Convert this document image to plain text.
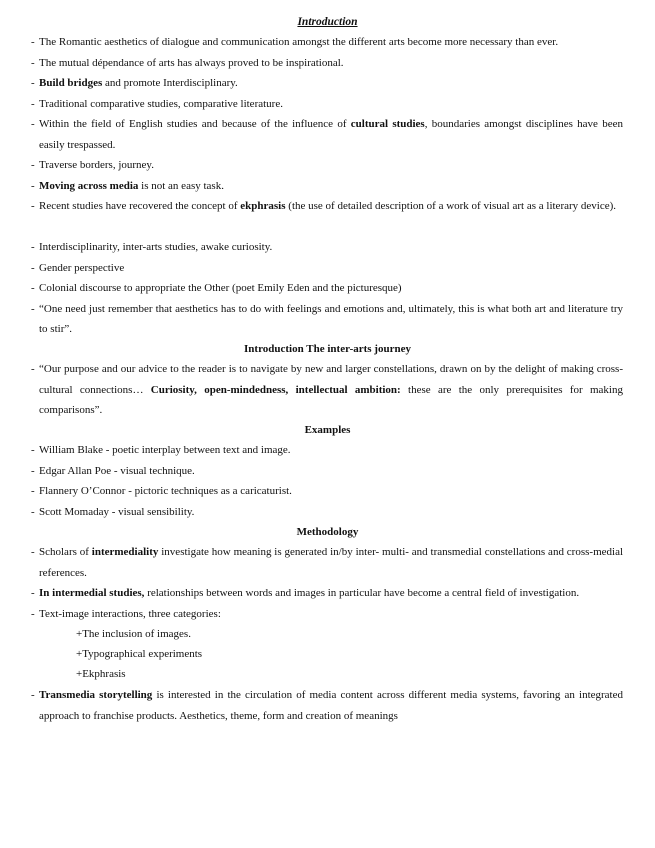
Introduction
- The Romantic aesthetics of dialogue and communication amongst the different arts become more necessary than ever.
- The mutual dépendance of arts has always proved to be inspirational.
- Build bridges and promote Interdisciplinary.
- Traditional comparative studies, comparative literature.
- Within the field of English studies and because of the influence of cultural studies, boundaries amongst disciplines have been easily trespassed.
- Traverse borders, journey.
- Moving across media is not an easy task.
- Recent studies have recovered the concept of ekphrasis (the use of detailed description of a work of visual art as a literary device).
- Interdisciplinarity, inter-arts studies, awake curiosity.
- Gender perspective
- Colonial discourse to appropriate the Other (poet Emily Eden and the picturesque)
- “One need just remember that aesthetics has to do with feelings and emotions and, ultimately, this is what both art and literature try to stir”.
Introduction The inter-arts journey
- “Our purpose and our advice to the reader is to navigate by new and larger constellations, drawn on by the delight of making cross-cultural connections… Curiosity, open-mindedness, intellectual ambition: these are the only prerequisites for making comparisons”.
Examples
- William Blake - poetic interplay between text and image.
- Edgar Allan Poe - visual technique.
- Flannery O’Connor - pictoric techniques as a caricaturist.
- Scott Momaday - visual sensibility.
Methodology
- Scholars of intermediality investigate how meaning is generated in/by inter- multi- and transmedial constellations and cross-medial references.
- In intermedial studies, relationships between words and images in particular have become a central field of investigation.
- Text-image interactions, three categories:
+The inclusion of images.
+Typographical experiments
+Ekphrasis
- Transmedia storytelling is interested in the circulation of media content across different media systems, favoring an integrated approach to franchise products. Aesthetics, theme, form and creation of meanings
